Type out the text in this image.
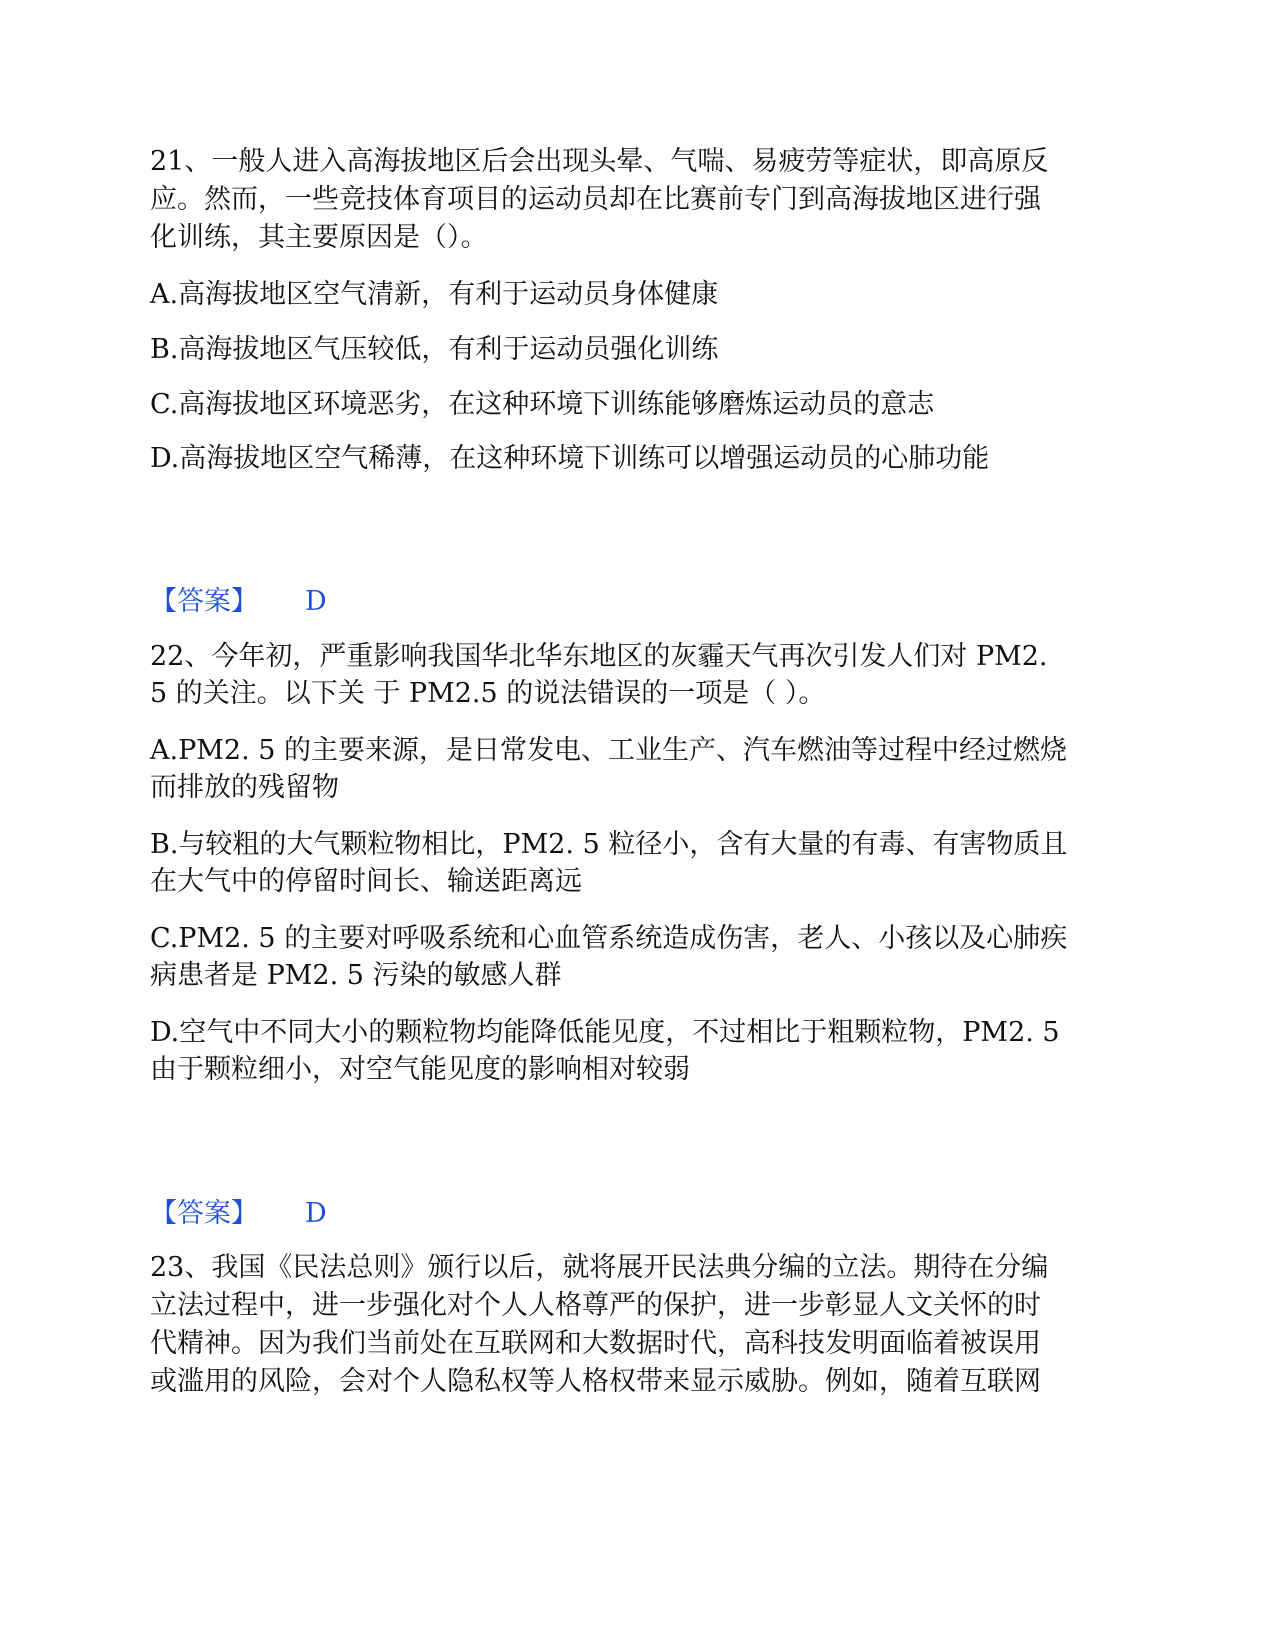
21、一般人进入高海拔地区后会出现头晕、气喘、易疲劳等症状，即高原反
应。然而，一些竞技体育项目的运动员却在比赛前专门到高海拔地区进行强
化训练，其主要原因是（）。
A.高海拔地区空气清新，有利于运动员身体健康
B.高海拔地区气压较低，有利于运动员强化训练
C.高海拔地区环境恶劣，在这种环境下训练能够磨炼运动员的意志
D.高海拔地区空气稀薄，在这种环境下训练可以增强运动员的心肺功能
【答案】 D
22、今年初，严重影响我国华北华东地区的灰霾天气再次引发人们对 PM2.
5 的关注。以下关 于 PM2.5 的说法错误的一项是（ ）。
A.PM2. 5 的主要来源，是日常发电、工业生产、汽车燃油等过程中经过燃烧
而排放的残留物
B.与较粗的大气颗粒物相比，PM2. 5 粒径小，含有大量的有毒、有害物质且
在大气中的停留时间长、输送距离远
C.PM2. 5 的主要对呼吸系统和心血管系统造成伤害，老人、小孩以及心肺疾
病患者是 PM2. 5 污染的敏感人群
D.空气中不同大小的颗粒物均能降低能见度，不过相比于粗颗粒物，PM2. 5
由于颗粒细小，对空气能见度的影响相对较弱
【答案】 D
23、我国《民法总则》颁行以后，就将展开民法典分编的立法。期待在分编
立法过程中，进一步强化对个人人格尊严的保护，进一步彰显人文关怀的时
代精神。因为我们当前处在互联网和大数据时代，高科技发明面临着被误用
或滥用的风险，会对个人隐私权等人格权带来显示威胁。例如，随着互联网
